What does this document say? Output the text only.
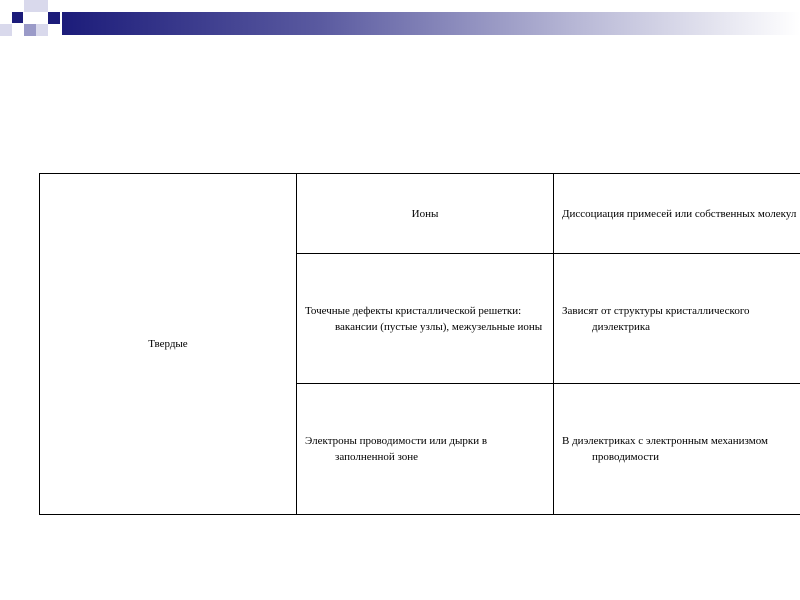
Твердые	Ионы	Диссоциация примесей или собственных молекул

	Точечные дефекты кристаллической решетки: вакансии (пустые узлы), межузельные ионы	Зависят от структуры кристаллического диэлектрика

	Электроны проводимости или дырки в заполненной зоне	В диэлектриках с электронным механизмом проводимости
